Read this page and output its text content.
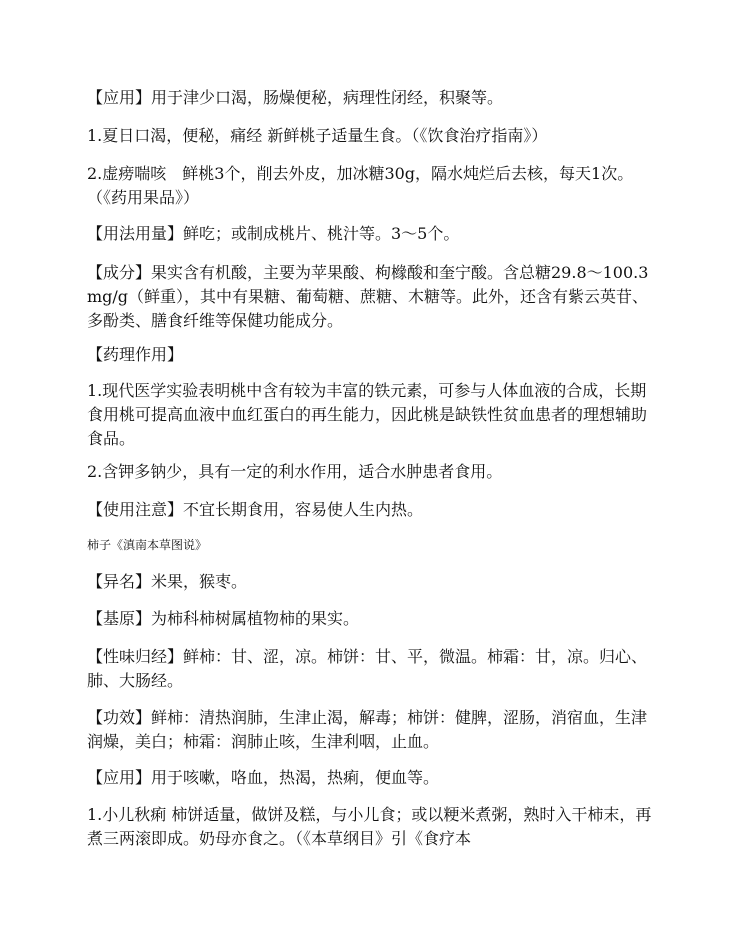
【应用】用于津少口渴，肠燥便秘，病理性闭经，积聚等。

1.夏日口渴，便秘，痛经 新鲜桃子适量生食。（《饮食治疗指南》）

2.虚痨喘咳　鲜桃3个，削去外皮，加冰糖30g，隔水炖烂后去核，每天1次。（《药用果品》）

【用法用量】鲜吃；或制成桃片、桃汁等。3～5个。

【成分】果实含有机酸，主要为苹果酸、枸橼酸和奎宁酸。含总糖29.8～100.3mg/g（鲜重），其中有果糖、葡萄糖、蔗糖、木糖等。此外，还含有紫云英苷、多酚类、膳食纤维等保健功能成分。

【药理作用】

1.现代医学实验表明桃中含有较为丰富的铁元素，可参与人体血液的合成，长期食用桃可提高血液中血红蛋白的再生能力，因此桃是缺铁性贫血患者的理想辅助食品。

2.含钾多钠少，具有一定的利水作用，适合水肿患者食用。

【使用注意】不宜长期食用，容易使人生内热。

柿子《滇南本草图说》

【异名】米果，猴枣。

【基原】为柿科柿树属植物柿的果实。

【性味归经】鲜柿：甘、涩，凉。柿饼：甘、平，微温。柿霜：甘，凉。归心、肺、大肠经。

【功效】鲜柿：清热润肺，生津止渴，解毒；柿饼：健脾，涩肠，消宿血，生津润燥，美白；柿霜：润肺止咳，生津利咽，止血。

【应用】用于咳嗽，咯血，热渴，热痢，便血等。

1.小儿秋痢 柿饼适量，做饼及糕，与小儿食；或以粳米煮粥，熟时入干柿末，再煮三两滚即成。奶母亦食之。（《本草纲目》引《食疗本
